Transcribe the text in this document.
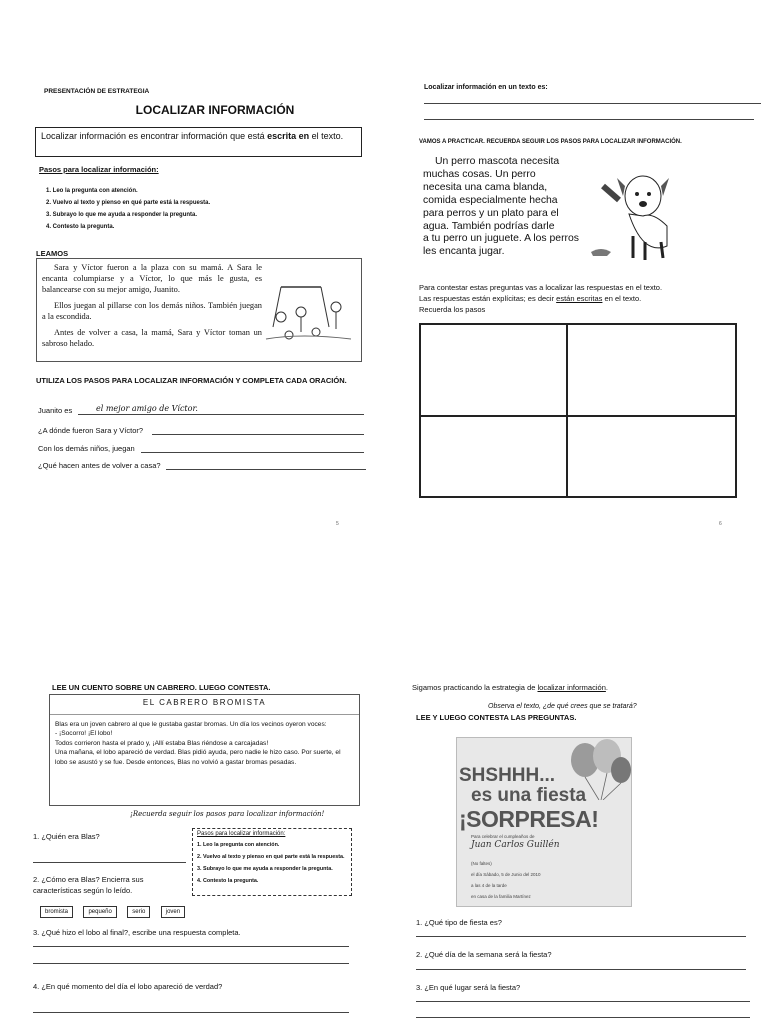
PRESENTACIÓN DE ESTRATEGIA
LOCALIZAR INFORMACIÓN
Localizar información es encontrar información que está escrita en el texto.
Pasos para localizar información:
1. Leo la pregunta con atención.
2. Vuelvo al texto y pienso en qué parte está la respuesta.
3. Subrayo lo que me ayuda a responder la pregunta.
4. Contesto la pregunta.
LEAMOS

Sara y Víctor fueron a la plaza con su mamá. A Sara le encanta columpiarse y a Víctor, lo que más le gusta, es balancearse con su mejor amigo, Juanito.

Ellos juegan al pillarse con los demás niños. También juegan a la escondida.

Antes de volver a casa, la mamá, Sara y Víctor toman un sabroso helado.

UTILIZA LOS PASOS PARA LOCALIZAR INFORMACIÓN Y COMPLETA CADA ORACIÓN.
Juanito es	el mejor amigo de Víctor.
¿A dónde fueron Sara y Víctor?
Con los demás niños, juegan
¿Qué hacen antes de volver a casa?
5
Localizar información en un texto es:
VAMOS A PRACTICAR. RECUERDA SEGUIR LOS PASOS PARA LOCALIZAR INFORMACIÓN.
Un perro mascota necesita
muchas cosas. Un perro
necesita una cama blanda,
comida especialmente hecha
para perros y un plato para el
agua. También podrías darle
a tu perro un juguete. A los perros
les encanta jugar.
Para contestar estas preguntas vas a localizar las respuestas en el texto.
Las respuestas están explícitas; es decir están escritas en el texto.
Recuerda los pasos
6
LEE UN CUENTO SOBRE UN CABRERO. LUEGO CONTESTA.
EL CABRERO BROMISTA
Blas era un joven cabrero al que le gustaba gastar bromas. Un día los vecinos oyeron voces:
- ¡Socorro! ¡El lobo!
Todos corrieron hasta el prado y, ¡Allí estaba Blas riéndose a carcajadas!
Una mañana, el lobo apareció de verdad. Blas pidió ayuda, pero nadie le hizo caso. Por suerte, el lobo se asustó y se fue. Desde entonces, Blas no volvió a gastar bromas pesadas.
¡Recuerda seguir los pasos para localizar información!
1. ¿Quién era Blas?
2. ¿Cómo era Blas? Encierra sus
características según lo leído.
bromista	pequeño	serio	joven
Pasos para localizar información:
1. Leo la pregunta con atención.
2. Vuelvo al texto y pienso en qué parte está la respuesta.
3. Subrayo lo que me ayuda a responder la pregunta.
4. Contesto la pregunta.
3. ¿Qué hizo el lobo al final?, escribe una respuesta completa.
4. ¿En qué momento del día el lobo apareció de verdad?
Sigamos practicando la estrategia de localizar información.
Observa el texto, ¿de qué crees que se tratará?
LEE Y LUEGO CONTESTA LAS PREGUNTAS.
SHSHHH...
es una fiesta
¡SORPRESA!
Para celebrar el cumpleaños de
Juan Carlos Guillén
(No faltes)
el día Sábado, 5 de Junio del 2010
a las 4 de la tarde
en casa de la familia Martínez
1. ¿Qué tipo de fiesta es?
2. ¿Qué día de la semana será la fiesta?
3. ¿En qué lugar será la fiesta?
